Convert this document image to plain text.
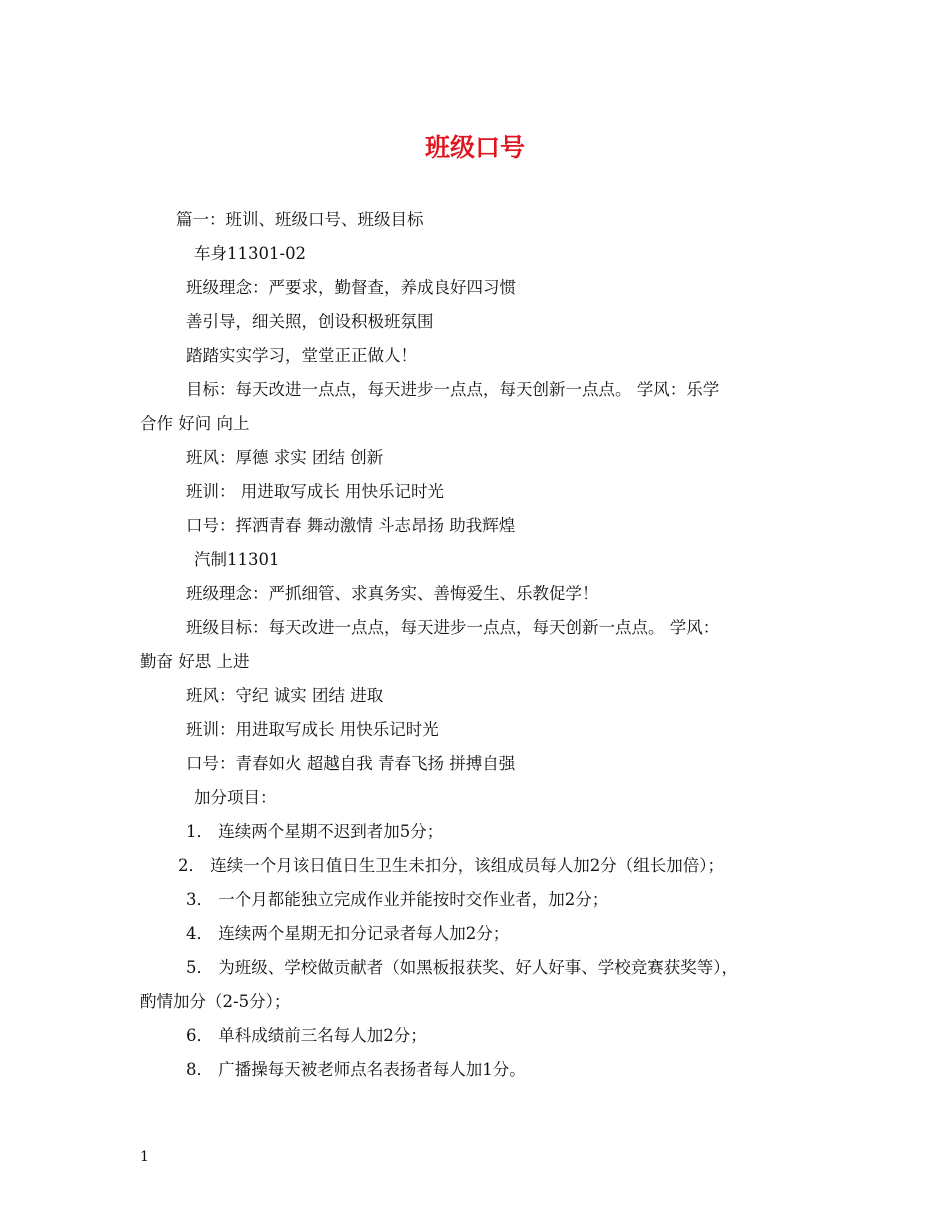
班级口号
篇一：班训、班级口号、班级目标
车身11301-02
班级理念：严要求，勤督查，养成良好四习惯
善引导，细关照，创设积极班氛围
踏踏实实学习，堂堂正正做人！
目标：每天改进一点点，每天进步一点点，每天创新一点点。 学风：乐学
合作 好问 向上
班风：厚德 求实 团结 创新
班训： 用进取写成长 用快乐记时光
口号：挥洒青春 舞动激情 斗志昂扬 助我辉煌
汽制11301
班级理念：严抓细管、求真务实、善悔爱生、乐教促学！
班级目标：每天改进一点点，每天进步一点点，每天创新一点点。 学风：
勤奋 好思 上进
班风：守纪 诚实 团结 进取
班训：用进取写成长 用快乐记时光
口号：青春如火 超越自我 青春飞扬 拼搏自强
加分项目：
1． 连续两个星期不迟到者加5分；
2． 连续一个月该日值日生卫生未扣分，该组成员每人加2分（组长加倍）；
3． 一个月都能独立完成作业并能按时交作业者，加2分；
4． 连续两个星期无扣分记录者每人加2分；
5． 为班级、学校做贡献者（如黑板报获奖、好人好事、学校竞赛获奖等），
酌情加分（2-5分）；
6． 单科成绩前三名每人加2分；
8． 广播操每天被老师点名表扬者每人加1分。
1
